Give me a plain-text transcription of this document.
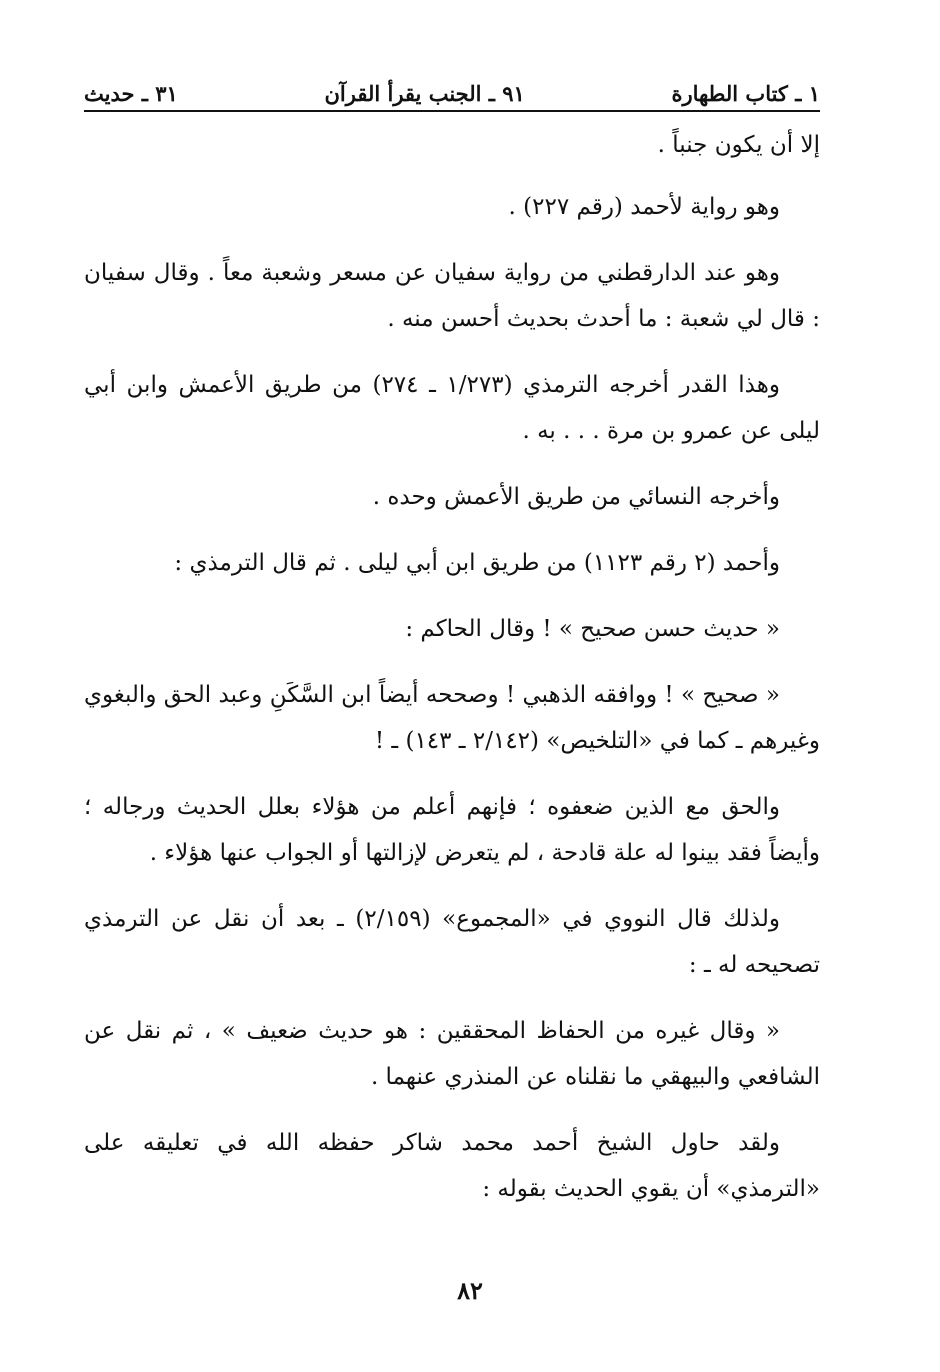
١ ـ كتاب الطهارة
٩١ ـ الجنب يقرأ القرآن
٣١ ـ حديث

إلا أن يكون جنباً .

وهو رواية لأحمد (رقم ٢٢٧) .

وهو عند الدارقطني من رواية سفيان عن مسعر وشعبة معاً . وقال سفيان : قال لي شعبة : ما أحدث بحديث أحسن منه .

وهذا القدر أخرجه الترمذي (١/٢٧٣ ـ ٢٧٤) من طريق الأعمش وابن أبي ليلى عن عمرو بن مرة . . . به .

وأخرجه النسائي من طريق الأعمش وحده .

وأحمد (٢ رقم ١١٢٣) من طريق ابن أبي ليلى . ثم قال الترمذي :

« حديث حسن صحيح » ! وقال الحاكم :

« صحيح » ! ووافقه الذهبي ! وصححه أيضاً ابن السَّكَنِ وعبد الحق والبغوي وغيرهم ـ كما في «التلخيص» (٢/١٤٢ ـ ١٤٣) ـ !

والحق مع الذين ضعفوه ؛ فإنهم أعلم من هؤلاء بعلل الحديث ورجاله ؛ وأيضاً فقد بينوا له علة قادحة ، لم يتعرض لإزالتها أو الجواب عنها هؤلاء .

ولذلك قال النووي في «المجموع» (٢/١٥٩) ـ بعد أن نقل عن الترمذي تصحيحه له ـ :

« وقال غيره من الحفاظ المحققين : هو حديث ضعيف » ، ثم نقل عن الشافعي والبيهقي ما نقلناه عن المنذري عنهما .

ولقد حاول الشيخ أحمد محمد شاكر حفظه الله في تعليقه على «الترمذي» أن يقوي الحديث بقوله :

٨٢
